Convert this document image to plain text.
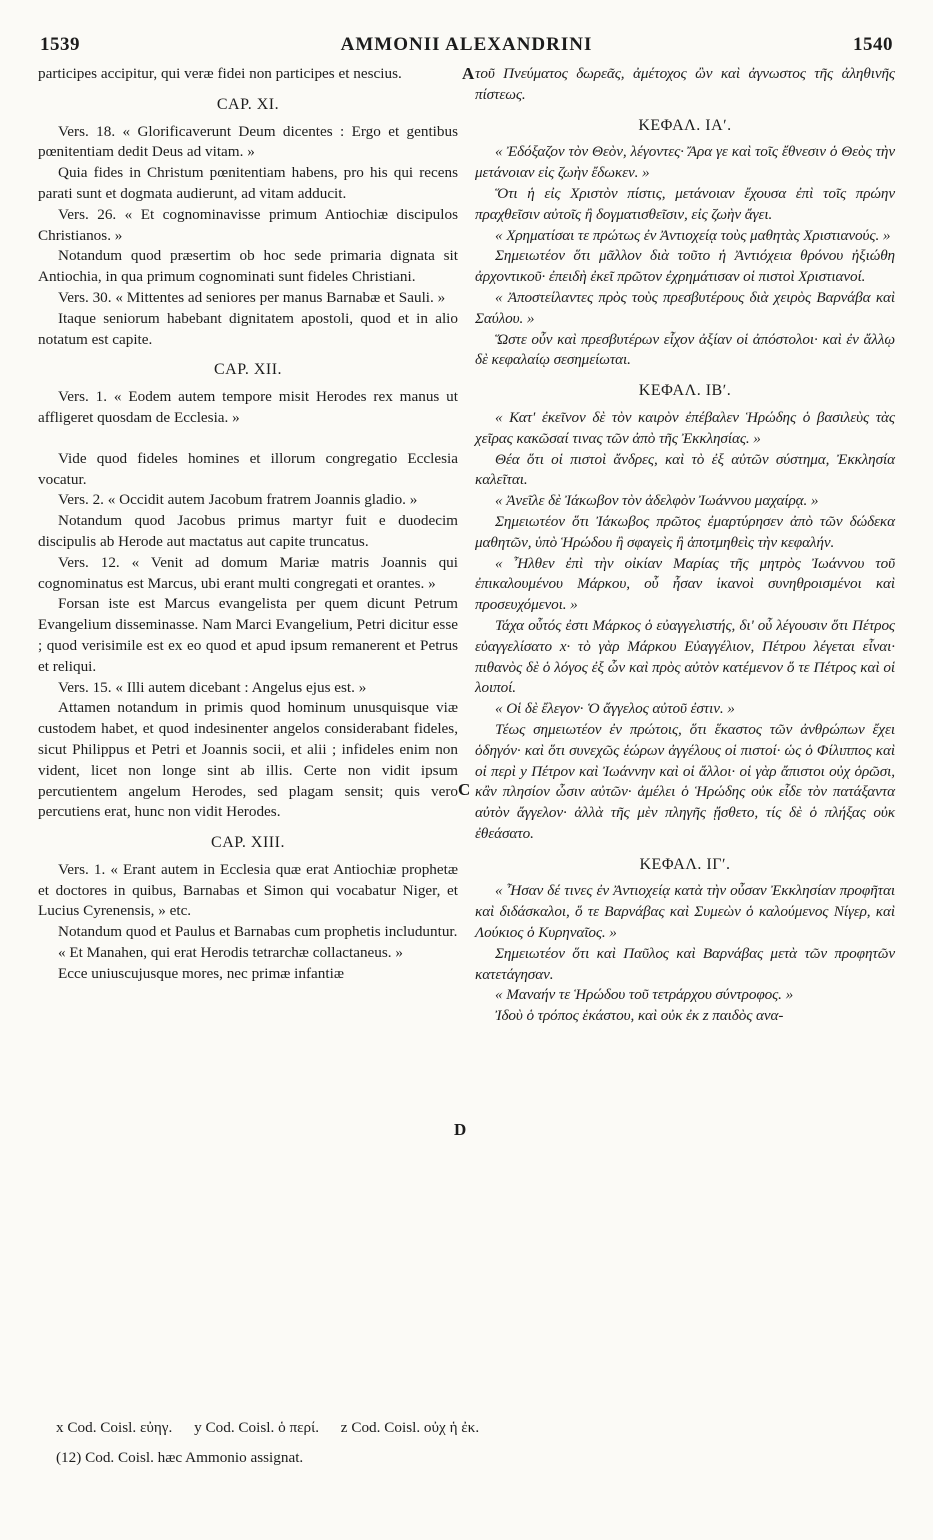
1539	AMMONII ALEXANDRINI	1540

participes accipitur, qui veræ fidei non participes et nescius.

CAP. XI.

Vers. 18. « Glorificaverunt Deum dicentes : Ergo et gentibus pœnitentiam dedit Deus ad vitam. »

Quia fides in Christum pœnitentiam habens, pro his qui recens parati sunt et dogmata audierunt, ad vitam adducit.

Vers. 26. « Et cognominavisse primum Antiochiæ discipulos Christianos. »

Notandum quod præsertim ob hoc sede primaria dignata sit Antiochia, in qua primum cognominati sunt fideles Christiani.

Vers. 30. « Mittentes ad seniores per manus Barnabæ et Sauli. »

Itaque seniorum habebant dignitatem apostoli, quod et in alio notatum est capite.

CAP. XII.

Vers. 1. « Eodem autem tempore misit Herodes rex manus ut affligeret quosdam de Ecclesia. »

Vide quod fideles homines et illorum congregatio Ecclesia vocatur.

Vers. 2. « Occidit autem Jacobum fratrem Joannis gladio. »

Notandum quod Jacobus primus martyr fuit e duodecim discipulis ab Herode aut mactatus aut capite truncatus.

Vers. 12. « Venit ad domum Mariæ matris Joannis qui cognominatus est Marcus, ubi erant multi congregati et orantes. »

Forsan iste est Marcus evangelista per quem dicunt Petrum Evangelium disseminasse. Nam Marci Evangelium, Petri dicitur esse ; quod verisimile est ex eo quod et apud ipsum remanerent et Petrus et reliqui.

Vers. 15. « Illi autem dicebant : Angelus ejus est. »

Attamen notandum in primis quod hominum unusquisque viæ custodem habet, et quod indesinenter angelos considerabant fideles, sicut Philippus et Petri et Joannis socii, et alii ; infideles enim non vident, licet non longe sint ab illis. Certe non vidit ipsum percutientem angelum Herodes, sed plagam sensit; quis vero percutiens erat, hunc non vidit Herodes.

CAP. XIII.

Vers. 1. « Erant autem in Ecclesia quæ erat Antiochiæ prophetæ et doctores in quibus, Barnabas et Simon qui vocabatur Niger, et Lucius Cyrenensis, » etc.

Notandum quod et Paulus et Barnabas cum prophetis includuntur.

« Et Manahen, qui erat Herodis tetrarchæ collactaneus. »

Ecce uniuscujusque mores, nec primæ infantiæ

τοῦ Πνεύματος δωρεᾶς, ἀμέτοχος ὢν καὶ ἀγνωστος τῆς ἀληθινῆς πίστεως.

ΚΕΦΑΛ. ΙΑʹ.

« Ἐδόξαζον τὸν Θεὸν, λέγοντες· Ἄρα γε καὶ τοῖς ἔθνεσιν ὁ Θεὸς τὴν μετάνοιαν εἰς ζωὴν ἔδωκεν. »

Ὅτι ἡ εἰς Χριστὸν πίστις, μετάνοιαν ἔχουσα ἐπὶ τοῖς πρώην πραχθεῖσιν αὐτοῖς ἢ δογματισθεῖσιν, εἰς ζωὴν ἄγει.

« Χρηματίσαι τε πρώτως ἐν Ἀντιοχείᾳ τοὺς μαθητὰς Χριστιανούς. »

Σημειωτέον ὅτι μᾶλλον διὰ τοῦτο ἡ Ἀντιόχεια θρόνου ἠξιώθη ἀρχοντικοῦ· ἐπειδὴ ἐκεῖ πρῶτον ἐχρημάτισαν οἱ πιστοὶ Χριστιανοί.

« Ἀποστείλαντες πρὸς τοὺς πρεσβυτέρους διὰ χειρὸς Βαρνάβα καὶ Σαύλου. »

Ὥστε οὖν καὶ πρεσβυτέρων εἶχον ἀξίαν οἱ ἀπόστολοι· καὶ ἐν ἄλλῳ δὲ κεφαλαίῳ σεσημείωται.

ΚΕΦΑΛ. ΙΒʹ.

« Κατ' ἐκεῖνον δὲ τὸν καιρὸν ἐπέβαλεν Ἡρώδης ὁ βασιλεὺς τὰς χεῖρας κακῶσαί τινας τῶν ἀπὸ τῆς Ἐκκλησίας. »

Θέα ὅτι οἱ πιστοὶ ἄνδρες, καὶ τὸ ἐξ αὐτῶν σύστημα, Ἐκκλησία καλεῖται.

« Ἀνεῖλε δὲ Ἰάκωβον τὸν ἀδελφὸν Ἰωάννου μαχαίρᾳ. »

Σημειωτέον ὅτι Ἰάκωβος πρῶτος ἐμαρτύρησεν ἀπὸ τῶν δώδεκα μαθητῶν, ὑπὸ Ἡρώδου ἢ σφαγεὶς ἢ ἀποτμηθεὶς τὴν κεφαλήν.

« Ἦλθεν ἐπὶ τὴν οἰκίαν Μαρίας τῆς μητρὸς Ἰωάννου τοῦ ἐπικαλουμένου Μάρκου, οὗ ἦσαν ἱκανοὶ συνηθροισμένοι καὶ προσευχόμενοι. »

Τάχα οὗτός ἐστι Μάρκος ὁ εὐαγγελιστής, δι' οὗ λέγουσιν ὅτι Πέτρος εὐαγγελίσατο x· τὸ γὰρ Μάρκου Εὐαγγέλιον, Πέτρου λέγεται εἶναι· πιθανὸς δὲ ὁ λόγος ἐξ ὧν καὶ πρὸς αὐτὸν κατέμενον ὅ τε Πέτρος καὶ οἱ λοιποί.

« Οἱ δὲ ἔλεγον· Ὁ ἄγγελος αὐτοῦ ἐστιν. »

Τέως σημειωτέον ἐν πρώτοις, ὅτι ἕκαστος τῶν ἀνθρώπων ἔχει ὁδηγόν· καὶ ὅτι συνεχῶς ἑώρων ἀγγέλους οἱ πιστοί· ὡς ὁ Φίλιππος καὶ οἱ περὶ y Πέτρον καὶ Ἰωάννην καὶ οἱ ἄλλοι· οἱ γὰρ ἄπιστοι οὐχ ὁρῶσι, κἂν πλησίον ὦσιν αὐτῶν· ἀμέλει ὁ Ἡρώδης οὐκ εἶδε τὸν πατάξαντα αὐτὸν ἄγγελον· ἀλλὰ τῆς μὲν πληγῆς ᾔσθετο, τίς δὲ ὁ πλήξας οὐκ ἐθεάσατο.

ΚΕΦΑΛ. ΙΓʹ.

« Ἦσαν δέ τινες ἐν Ἀντιοχείᾳ κατὰ τὴν οὖσαν Ἐκκλησίαν προφῆται καὶ διδάσκαλοι, ὅ τε Βαρνάβας καὶ Συμεὼν ὁ καλούμενος Νίγερ, καὶ Λούκιος ὁ Κυρηναῖος. »

Σημειωτέον ὅτι καὶ Παῦλος καὶ Βαρνάβας μετὰ τῶν προφητῶν κατετάγησαν.

« Μαναήν τε Ἡρώδου τοῦ τετράρχου σύντροφος. »

Ἰδοὺ ὁ τρόπος ἑκάστου, καὶ οὐκ ἐκ z παιδὸς ανα-

A
C
D
x Cod. Coisl. εὐηγ. y Cod. Coisl. ὁ περί. z Cod. Coisl. οὐχ ἡ ἐκ.
(12) Cod. Coisl. hæc Ammonio assignat.
